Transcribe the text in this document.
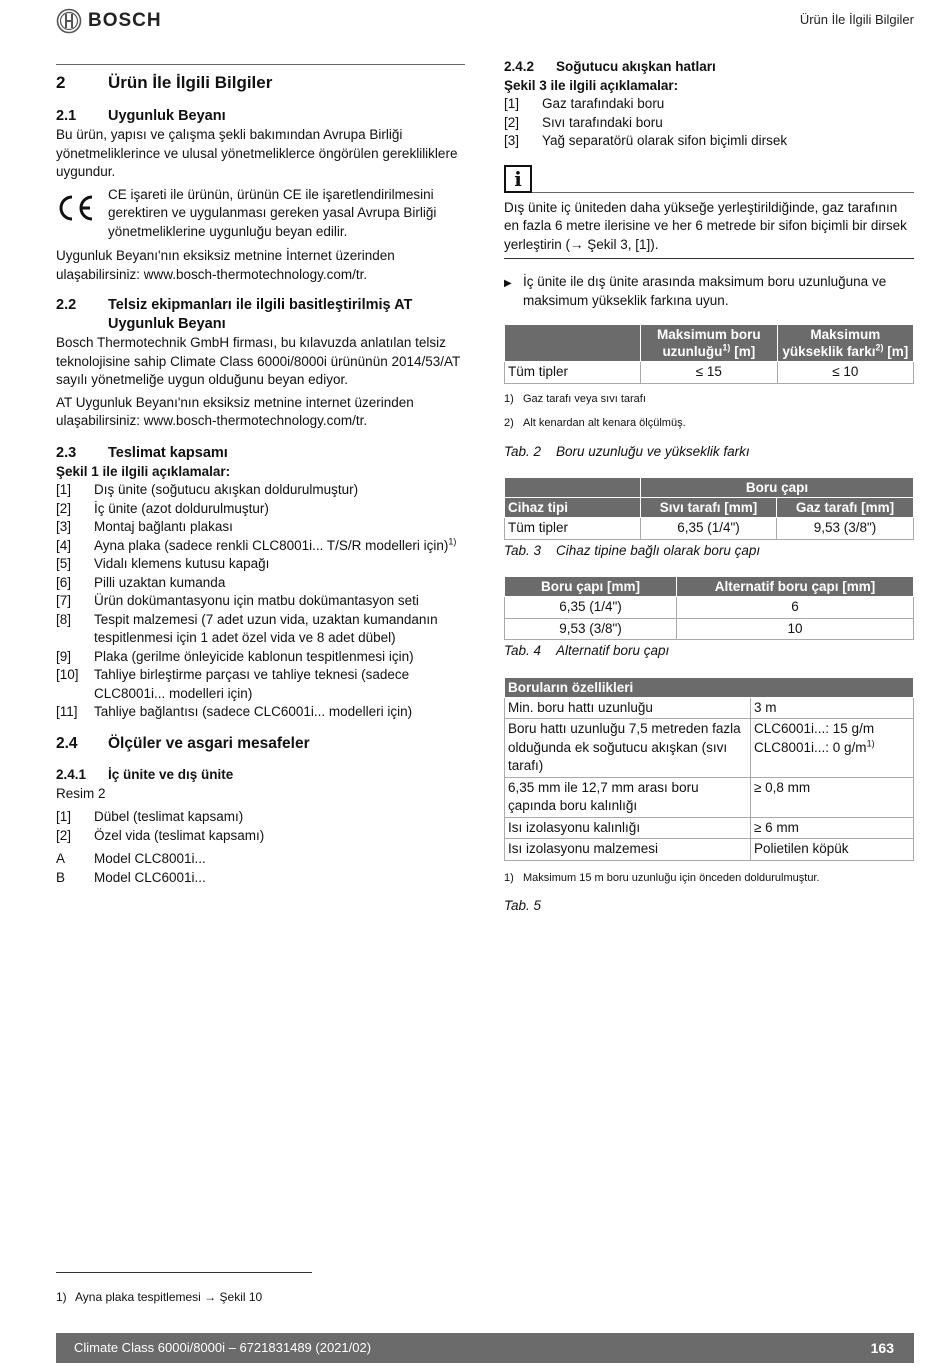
BOSCH	Ürün İle İlgili Bilgiler
2	Ürün İle İlgili Bilgiler
2.1	Uygunluk Beyanı

Bu ürün, yapısı ve çalışma şekli bakımından Avrupa Birliği yönetmeliklerince ve ulusal yönetmeliklerce öngörülen gerekliliklere uygundur.

CE işareti ile ürünün, ürünün CE ile işaretlendirilmesini gerektiren ve uygulanması gereken yasal Avrupa Birliği yönetmeliklerine uygunluğu beyan edilir.

Uygunluk Beyanı'nın eksiksiz metnine İnternet üzerinden ulaşabilirsiniz: www.bosch-thermotechnology.com/tr.

2.2	Telsiz ekipmanları ile ilgili basitleştirilmiş AT Uygunluk Beyanı

Bosch Thermotechnik GmbH firması, bu kılavuzda anlatılan telsiz teknolojisine sahip Climate Class 6000i/8000i ürününün 2014/53/AT sayılı yönetmeliğe uygun olduğunu beyan ediyor.

AT Uygunluk Beyanı'nın eksiksiz metnine internet üzerinden ulaşabilirsiniz: www.bosch-thermotechnology.com/tr.

2.3	Teslimat kapsamı
Şekil 1 ile ilgili açıklamalar:
[1]	Dış ünite (soğutucu akışkan doldurulmuştur)
[2]	İç ünite (azot doldurulmuştur)
[3]	Montaj bağlantı plakası
[4]	Ayna plaka (sadece renkli CLC8001i... T/S/R modelleri için)$^{1)}$
[5]	Vidalı klemens kutusu kapağı
[6]	Pilli uzaktan kumanda
[7]	Ürün dokümantasyonu için matbu dokümantasyon seti
[8]	Tespit malzemesi (7 adet uzun vida, uzaktan kumandanın tespitlenmesi için 1 adet özel vida ve 8 adet dübel)
[9]	Plaka (gerilme önleyicide kablonun tespitlenmesi için)
[10]	Tahliye birleştirme parçası ve tahliye teknesi (sadece CLC8001i... modelleri için)
[11]	Tahliye bağlantısı (sadece CLC6001i... modelleri için)
2.4	Ölçüler ve asgari mesafeler
2.4.1	İç ünite ve dış ünite
Resim 2
[1]	Dübel (teslimat kapsamı)
[2]	Özel vida (teslimat kapsamı)
A	Model CLC8001i...
B	Model CLC6001i...
1) Ayna plaka tespitlemesi → Şekil 10
2.4.2	Soğutucu akışkan hatları
Şekil 3 ile ilgili açıklamalar:
[1]	Gaz tarafındaki boru
[2]	Sıvı tarafındaki boru
[3]	Yağ separatörü olarak sifon biçimli dirsek
i
Dış ünite iç üniteden daha yükseğe yerleştirildiğinde, gaz tarafının en fazla 6 metre ilerisine ve her 6 metrede bir sifon biçimli bir dirsek yerleştirin (→ Şekil 3, [1]).
▶ İç ünite ile dış ünite arasında maksimum boru uzunluğuna ve maksimum yükseklik farkına uyun.
	Maksimum boru uzunluğu$^{1)}$ [m]	Maksimum yükseklik farkı$^{2)}$ [m]
Tüm tipler	≤ 15	≤ 10
1) Gaz tarafı veya sıvı tarafı
2) Alt kenardan alt kenara ölçülmüş.
Tab. 2	Boru uzunluğu ve yükseklik farkı
	Boru çapı	
Cihaz tipi	Sıvı tarafı [mm]	Gaz tarafı [mm]
Tüm tipler	6,35 (1/4")	9,53 (3/8")
Tab. 3	Cihaz tipine bağlı olarak boru çapı
Boru çapı [mm]	Alternatif boru çapı [mm]
6,35 (1/4")	6
9,53 (3/8")	10
Tab. 4	Alternatif boru çapı
Boruların özellikleri	
Min. boru hattı uzunluğu	3 m
Boru hattı uzunluğu 7,5 metreden fazla olduğunda ek soğutucu akışkan (sıvı tarafı)	CLC6001i...: 15 g/m
CLC8001i...: 0 $g/m^{1)}$

6,35 mm ile 12,7 mm arası boru çapında boru kalınlığı	≥ 0,8 mm
Isı izolasyonu kalınlığı	≥ 6 mm
Isı izolasyonu malzemesi	Polietilen köpük
1) Maksimum 15 m boru uzunluğu için önceden doldurulmuştur.
Tab. 5
Climate Class 6000i/8000i – 6721831489 (2021/02)	163
